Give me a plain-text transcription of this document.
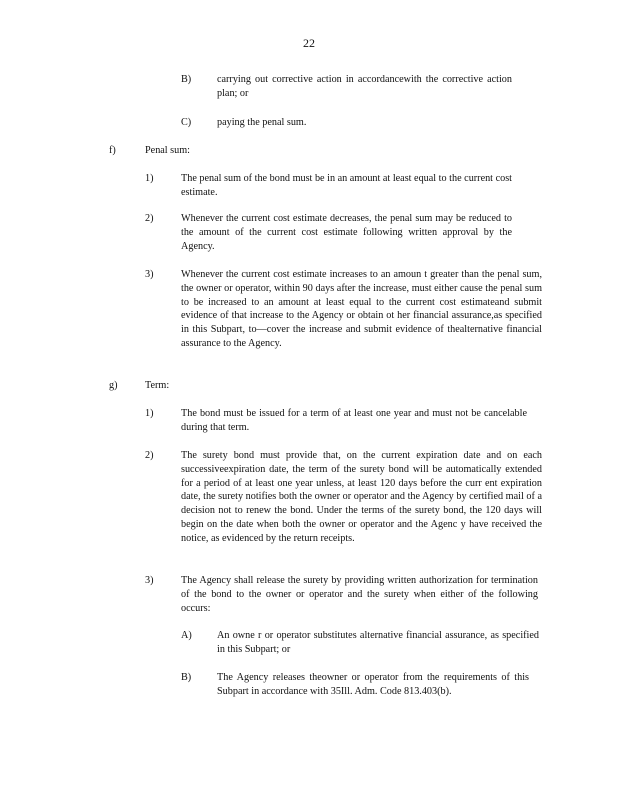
22
B)	carrying out corrective action in accordancewith the corrective action plan; or
C)	paying the penal sum.
f)	Penal sum:
1)	The penal sum of the bond must be in an amount at least equal to the current cost estimate.
2)	Whenever the current cost estimate decreases, the penal sum may be reduced to the amount of the current cost estimate following written approval by the Agency.
3)	Whenever the current cost estimate increases to an amoun t greater than the penal sum, the owner or operator, within 90 days after the increase, must either cause the penal sum to be increased to an amount at least equal to the current cost estimateand submit evidence of that increase to the Agency or obtain ot her financial assurance,as specified in this Subpart, to—cover the increase and submit evidence of thealternative financial assurance to the Agency.
g)	Term:
1)	The bond must be issued for a term of at least one year and must not be cancelable during that term.
2)	The surety bond must provide that, on the current expiration date and on each successiveexpiration date, the term of the surety bond will be automatically extended for a period of at least one year unless, at least 120 days before the curr ent expiration date, the surety notifies both the owner or operator and the Agency by certified mail of a decision not to renew the bond. Under the terms of the surety bond, the 120 days will begin on the date when both the owner or operator and the Agenc y have received the notice, as evidenced by the return receipts.
3)	The Agency shall release the surety by providing written authorization for termination of the bond to the owner or operator and the surety when either of the following occurs:
A) An owne r or operator substitutes alternative financial assurance, as specified in this Subpart; or
B)	The Agency releases theowner or operator from the requirements of this Subpart in accordance with 35Ill. Adm. Code 813.403(b).
